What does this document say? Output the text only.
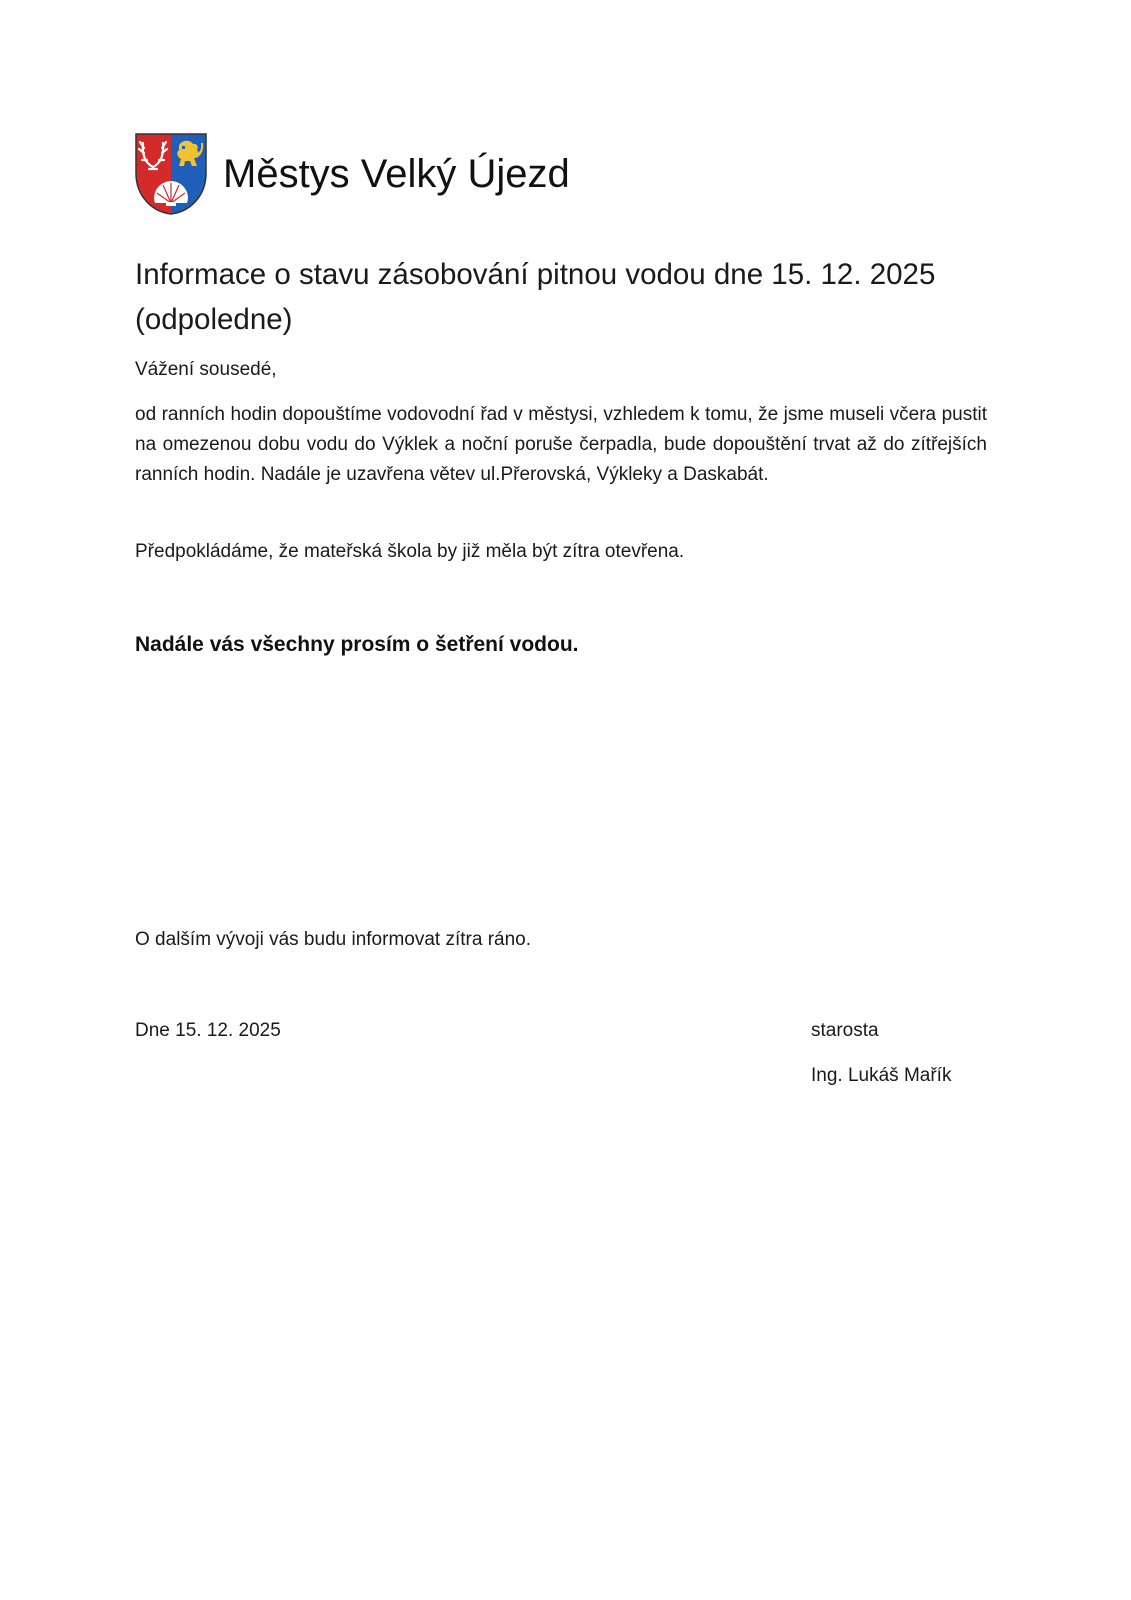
Městys Velký Újezd
Informace o stavu zásobování pitnou vodou dne 15. 12. 2025 (odpoledne)

Vážení sousedé,

od ranních hodin dopouštíme vodovodní řad v městysi, vzhledem k tomu, že jsme museli včera pustit na omezenou dobu vodu do Výklek a noční poruše čerpadla, bude dopouštění trvat až do zítřejších ranních hodin. Nadále je uzavřena větev ul.Přerovská, Výkleky a Daskabát.

Předpokládáme, že mateřská škola by již měla být zítra otevřena.

Nadále vás všechny prosím o šetření vodou.

O dalším vývoji vás budu informovat zítra ráno.

Dne 15. 12. 2025	starosta
Ing. Lukáš Mařík
